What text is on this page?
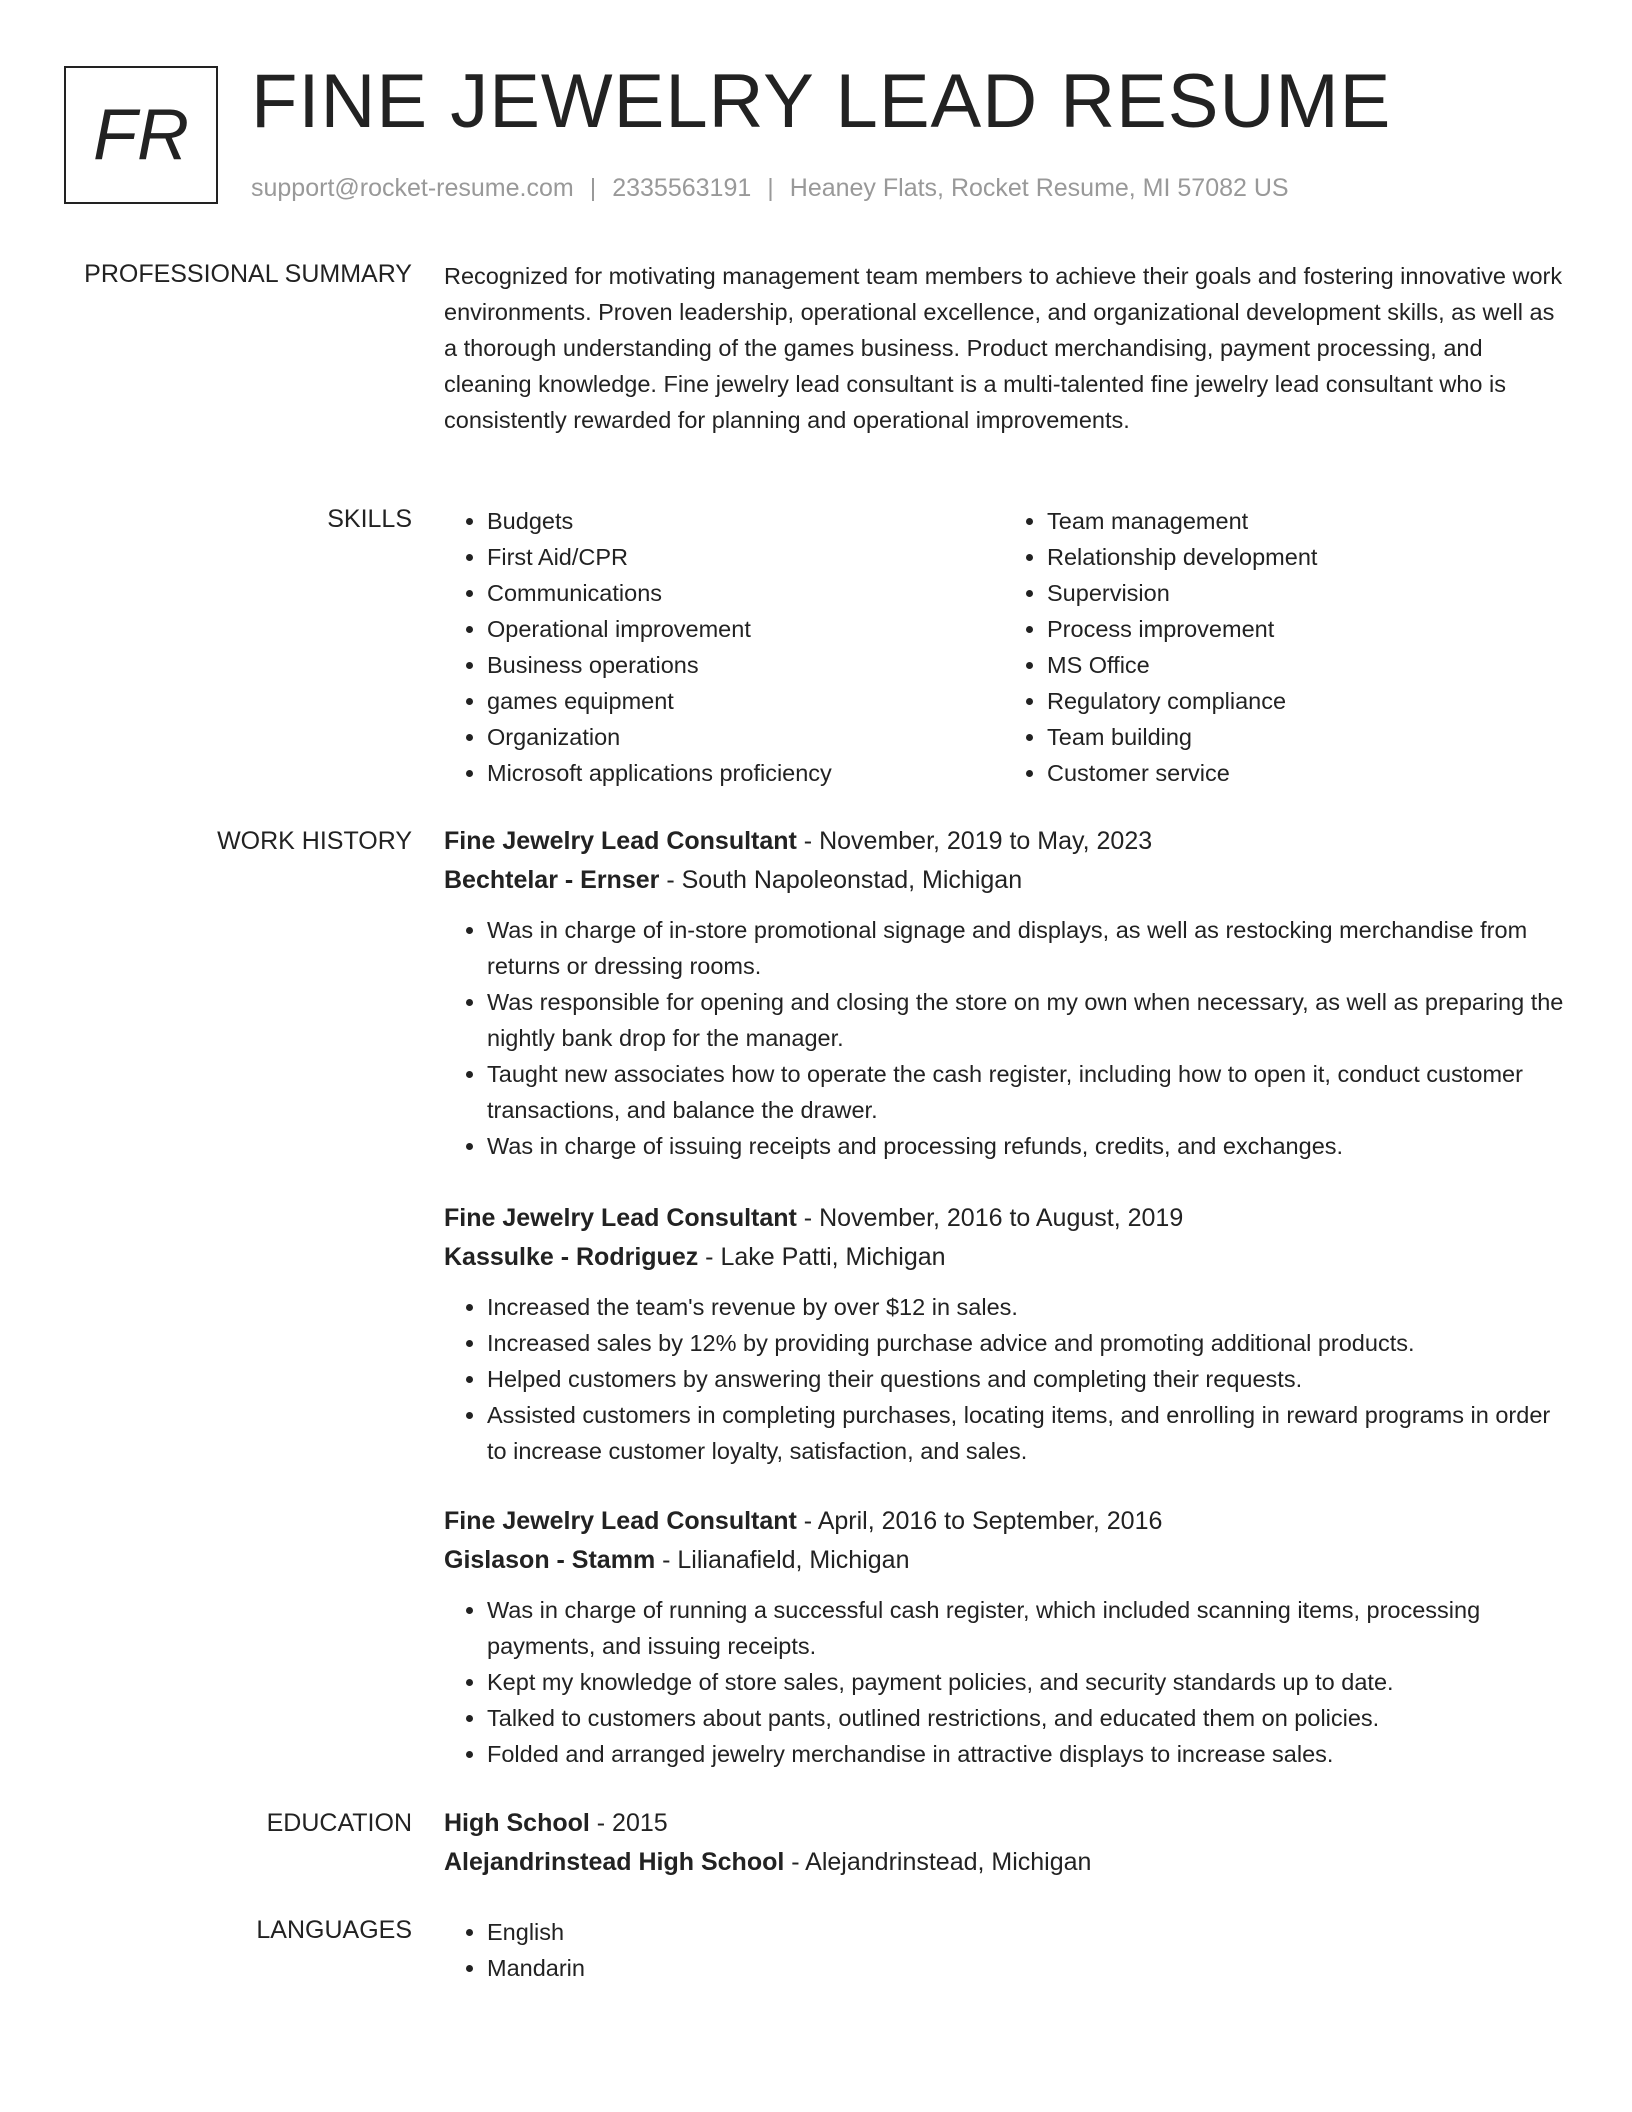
FR FINE JEWELRY LEAD RESUME
support@rocket-resume.com | 2335563191 | Heaney Flats, Rocket Resume, MI 57082 US
PROFESSIONAL SUMMARY Recognized for motivating management team members to achieve their goals and fostering innovative work environments. Proven leadership, operational excellence, and organizational development skills, as well as a thorough understanding of the games business. Product merchandising, payment processing, and cleaning knowledge. Fine jewelry lead consultant is a multi-talented fine jewelry lead consultant who is consistently rewarded for planning and operational improvements.

SKILLS	• Budgets
• First Aid/CPR
• Communications
• Operational improvement
• Business operations
• games equipment
• Organization
• Microsoft applications proficiency
• Team management
• Relationship development
• Supervision
• Process improvement
• MS Office
• Regulatory compliance
• Team building
• Customer service
WORK HISTORY Fine Jewelry Lead Consultant - November, 2019 to May, 2023
Bechtelar - Ernser - South Napoleonstad, Michigan
• Was in charge of in-store promotional signage and displays, as well as restocking merchandise from returns or dressing rooms.
• Was responsible for opening and closing the store on my own when necessary, as well as preparing the nightly bank drop for the manager.
• Taught new associates how to operate the cash register, including how to open it, conduct customer transactions, and balance the drawer.
• Was in charge of issuing receipts and processing refunds, credits, and exchanges.
Fine Jewelry Lead Consultant - November, 2016 to August, 2019
Kassulke - Rodriguez - Lake Patti, Michigan
• Increased the team's revenue by over $12 in sales.
• Increased sales by 12% by providing purchase advice and promoting additional products.
• Helped customers by answering their questions and completing their requests.
• Assisted customers in completing purchases, locating items, and enrolling in reward programs in order to increase customer loyalty, satisfaction, and sales.
Fine Jewelry Lead Consultant - April, 2016 to September, 2016
Gislason - Stamm - Lilianafield, Michigan
• Was in charge of running a successful cash register, which included scanning items, processing payments, and issuing receipts.
• Kept my knowledge of store sales, payment policies, and security standards up to date.
• Talked to customers about pants, outlined restrictions, and educated them on policies.
• Folded and arranged jewelry merchandise in attractive displays to increase sales.
EDUCATION High School - 2015
Alejandrinstead High School - Alejandrinstead, Michigan
LANGUAGES	• English
• Mandarin
